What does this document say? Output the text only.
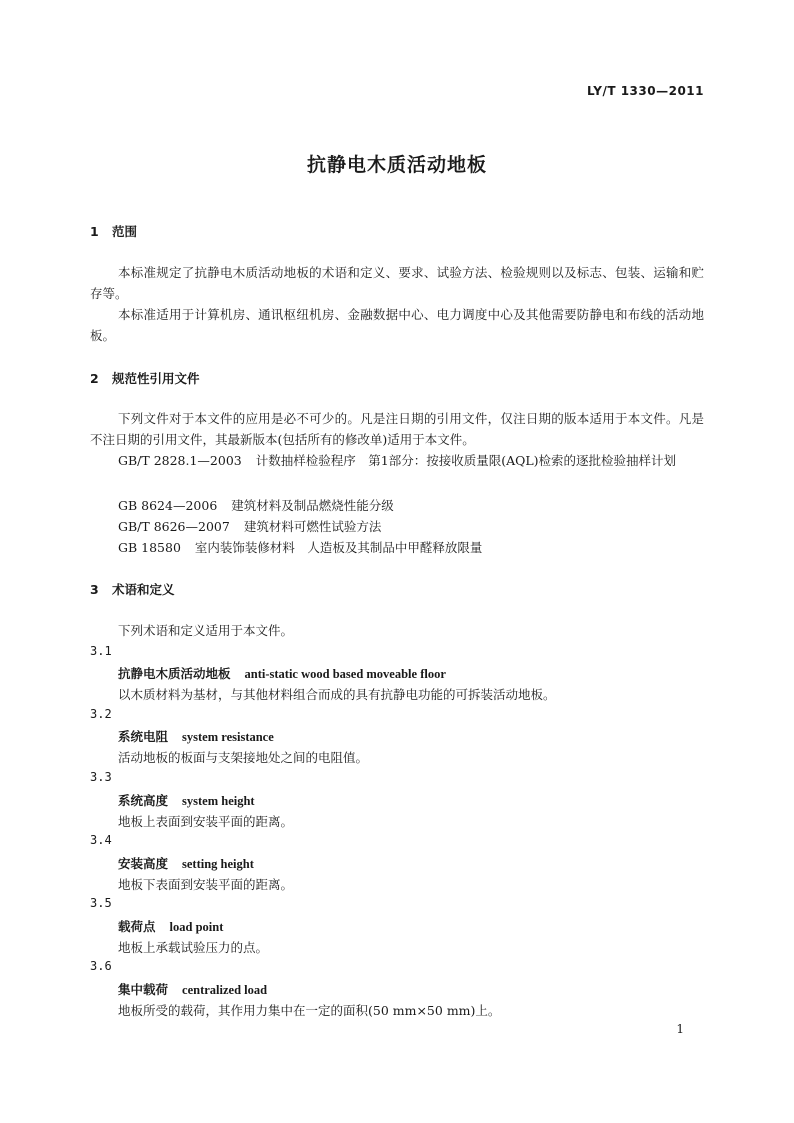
LY/T 1330—2011
抗静电木质活动地板
1 范围
本标准规定了抗静电木质活动地板的术语和定义、要求、试验方法、检验规则以及标志、包装、运输和贮存等。
本标准适用于计算机房、通讯枢纽机房、金融数据中心、电力调度中心及其他需要防静电和布线的活动地板。
2 规范性引用文件
下列文件对于本文件的应用是必不可少的。凡是注日期的引用文件，仅注日期的版本适用于本文件。凡是不注日期的引用文件，其最新版本(包括所有的修改单)适用于本文件。
GB/T 2828.1—2003 计数抽样检验程序　第1部分：按接收质量限(AQL)检索的逐批检验抽样计划
GB 8624—2006 建筑材料及制品燃烧性能分级
GB/T 8626—2007 建筑材料可燃性试验方法
GB 18580 室内装饰装修材料　人造板及其制品中甲醛释放限量
3 术语和定义
下列术语和定义适用于本文件。
3.1
抗静电木质活动地板 anti-static wood based moveable floor
以木质材料为基材，与其他材料组合而成的具有抗静电功能的可拆装活动地板。
3.2
系统电阻 system resistance
活动地板的板面与支架接地处之间的电阻值。
3.3
系统高度 system height
地板上表面到安装平面的距离。
3.4
安装高度 setting height
地板下表面到安装平面的距离。
3.5
载荷点 load point
地板上承载试验压力的点。
3.6
集中载荷 centralized load
地板所受的载荷，其作用力集中在一定的面积(50 mm×50 mm)上。
1
